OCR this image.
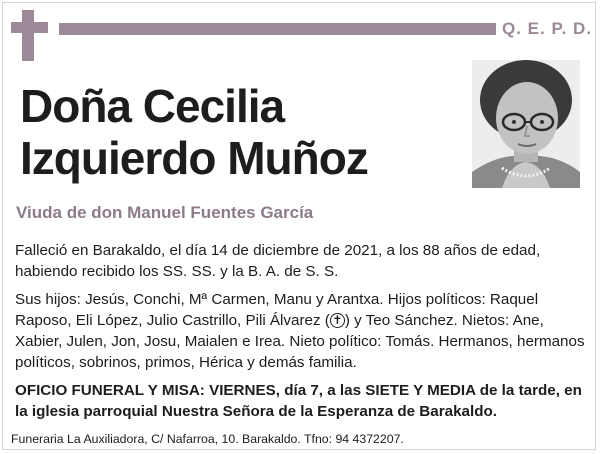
Q. E. P. D.
Doña Cecilia
Izquierdo Muñoz
Viuda de don Manuel Fuentes García

Falleció en Barakaldo, el día 14 de diciembre de 2021, a los 88 años de edad, habiendo recibido los SS. SS. y la B. A. de S. S.

Sus hijos: Jesús, Conchi, Mª Carmen, Manu y Arantxa. Hijos políticos: Raquel Raposo, Eli López, Julio Castrillo, Pili Álvarez ( ✝ ) y Teo Sánchez. Nietos: Ane, Xabier, Julen, Jon, Josu, Maialen e Irea. Nieto político: Tomás. Hermanos, hermanos políticos, sobrinos, primos, Hérica y demás familia.

OFICIO FUNERAL Y MISA: VIERNES, día 7, a las SIETE Y MEDIA de la tarde, en la iglesia parroquial Nuestra Señora de la Esperanza de Barakaldo.

Funeraria La Auxiliadora, C/ Nafarroa, 10. Barakaldo. Tfno: 94 4372207.
